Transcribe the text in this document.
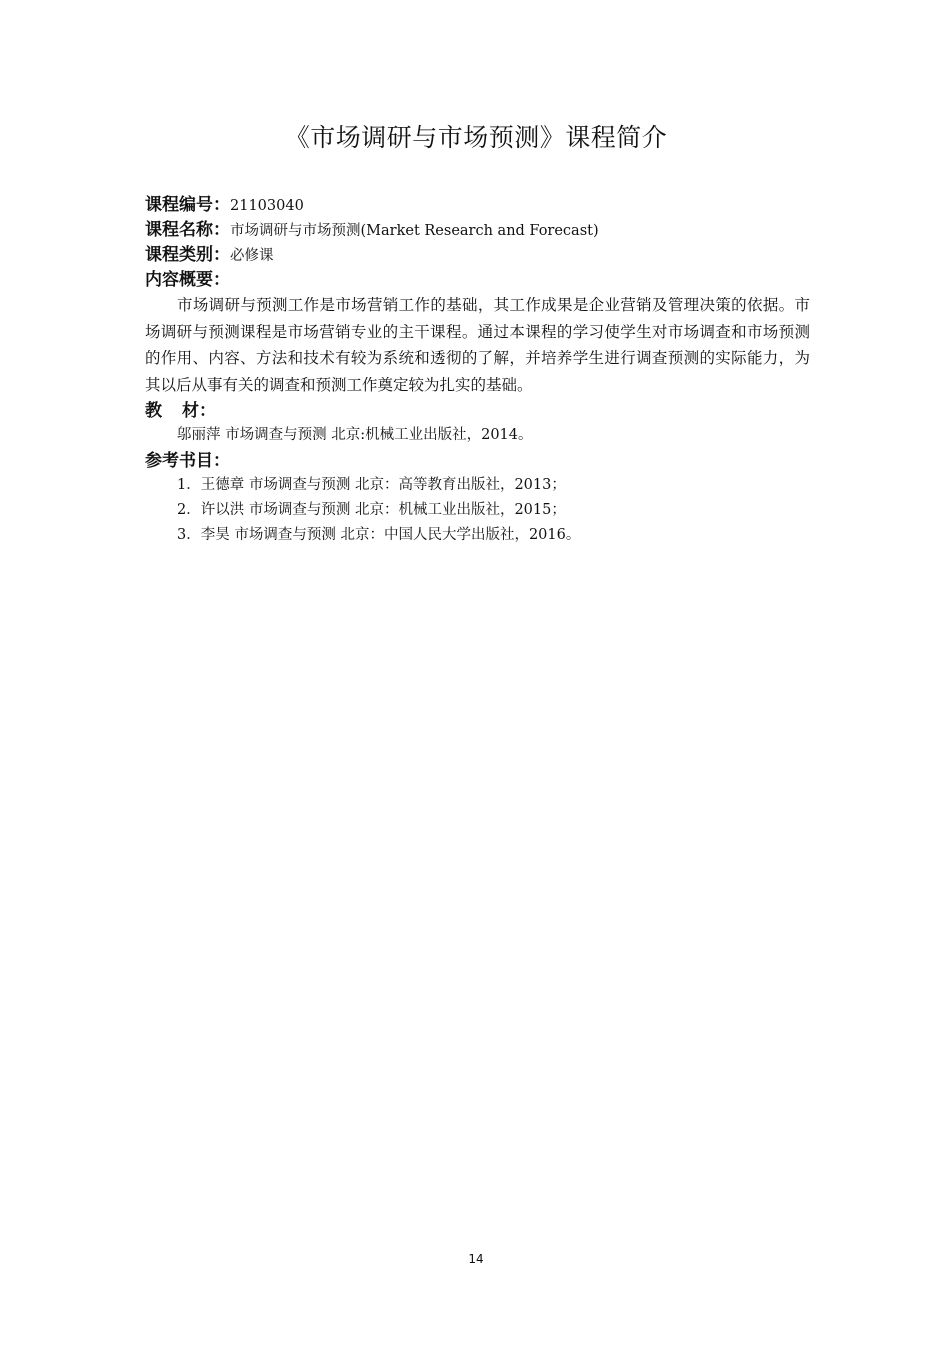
《市场调研与市场预测》课程简介
课程编号：21103040
课程名称：市场调研与市场预测(Market Research and Forecast)
课程类别：必修课
内容概要：

市场调研与预测工作是市场营销工作的基础，其工作成果是企业营销及管理决策的依据。市场调研与预测课程是市场营销专业的主干课程。通过本课程的学习使学生对市场调查和市场预测的作用、内容、方法和技术有较为系统和透彻的了解，并培养学生进行调查预测的实际能力，为其以后从事有关的调查和预测工作奠定较为扎实的基础。

教材：
邬丽萍 市场调查与预测 北京:机械工业出版社，2014。
参考书目：
1．王德章 市场调查与预测 北京：高等教育出版社，2013；
2．许以洪 市场调查与预测 北京：机械工业出版社，2015；
3．李昊 市场调查与预测 北京：中国人民大学出版社，2016。
14
